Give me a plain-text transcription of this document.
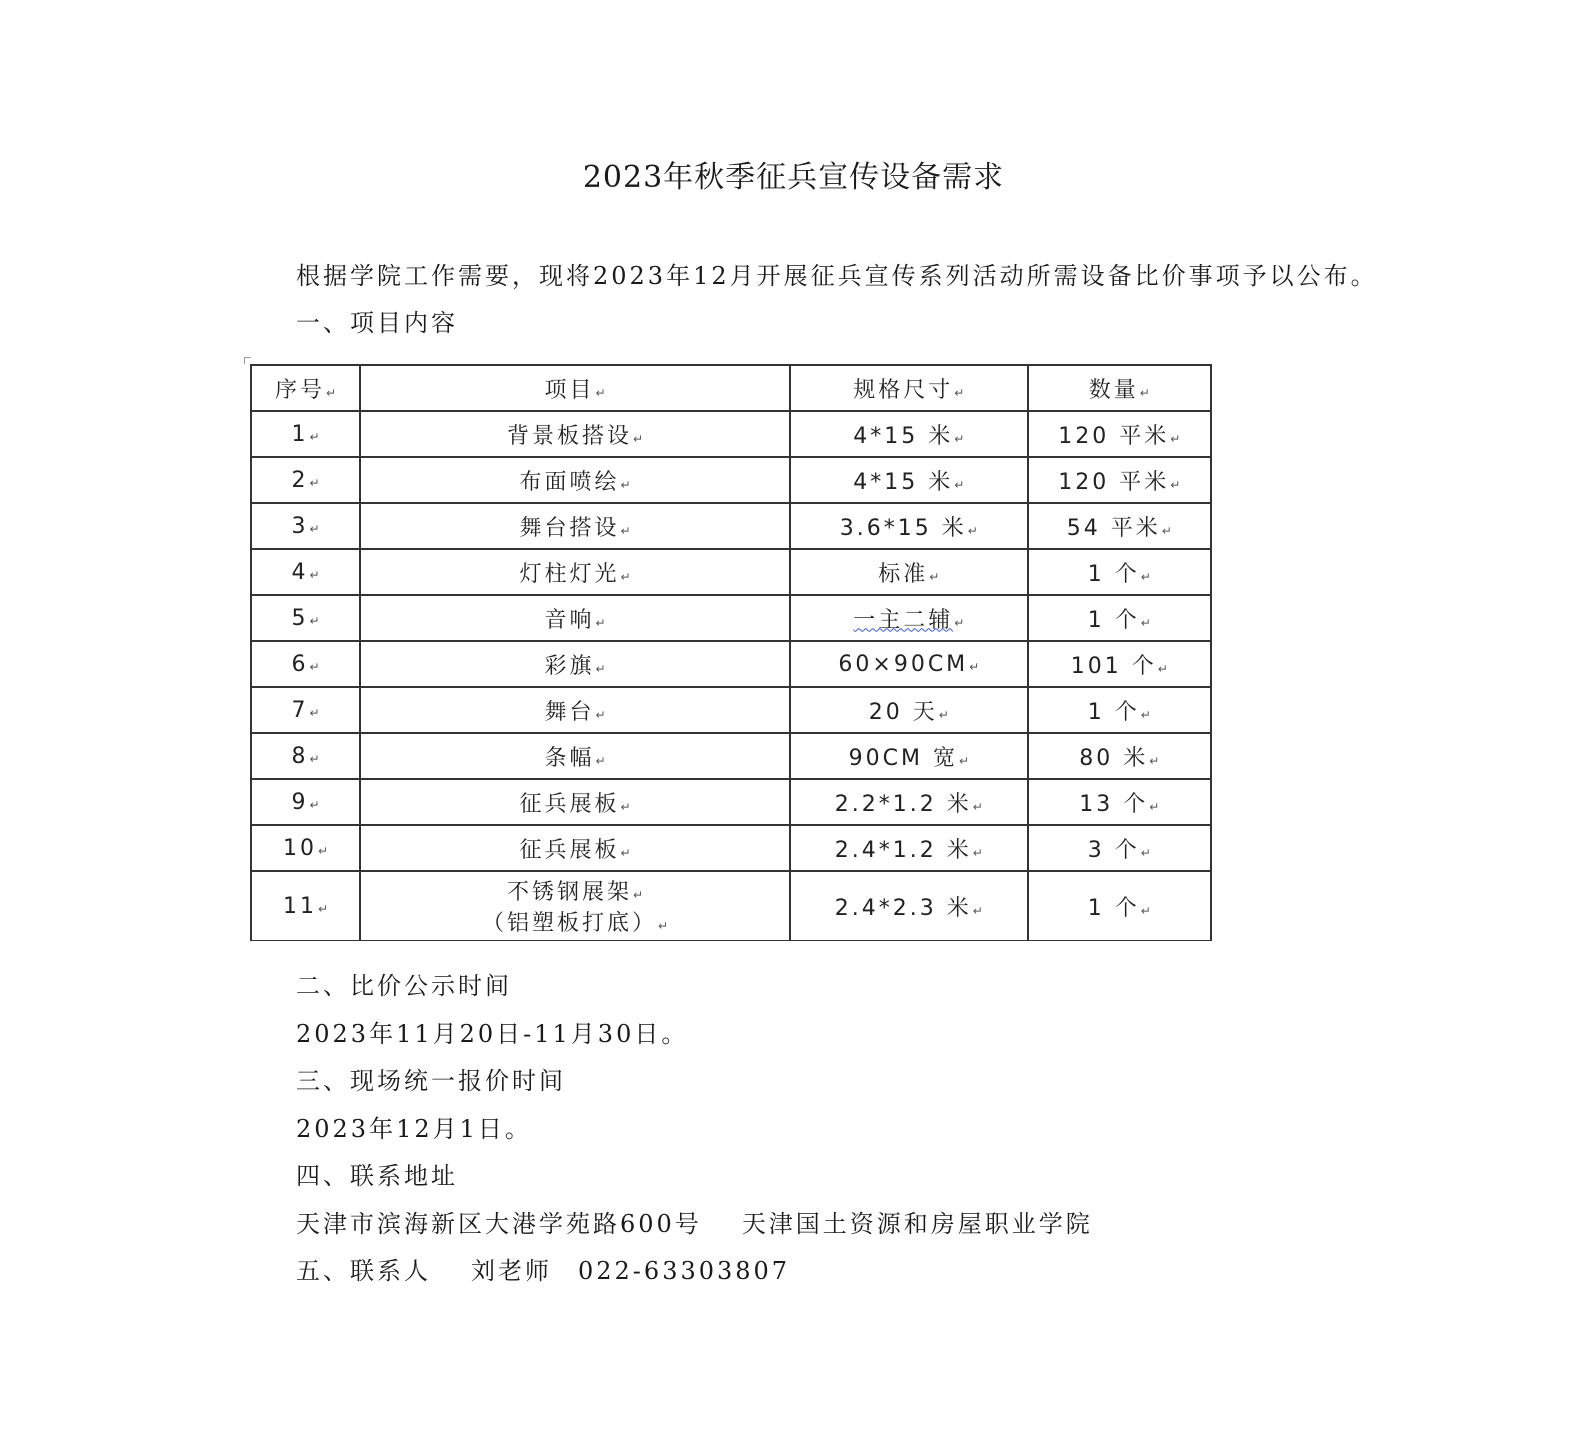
2023年秋季征兵宣传设备需求

根据学院工作需要，现将2023年12月开展征兵宣传系列活动所需设备比价事项予以公布。

一、项目内容

序号↵	项目↵	规格尺寸↵	数量↵
1↵	背景板搭设↵	4*15 米↵	120 平米↵
2↵	布面喷绘↵	4*15 米↵	120 平米↵
3↵	舞台搭设↵	3.6*15 米↵	54 平米↵
4↵	灯柱灯光↵	标准↵	1 个↵
5↵	音响↵	一主二辅↵	1 个↵
6↵	彩旗↵	60×90CM↵	101 个↵
7↵	舞台↵	20 天↵	1 个↵
8↵	条幅↵	90CM 宽↵	80 米↵
9↵	征兵展板↵	2.2*1.2 米↵	13 个↵
10↵	征兵展板↵	2.4*1.2 米↵	3 个↵
11↵	不锈钢展架↵
（铝塑板打底）↵	2.4*2.3 米↵	1 个↵

二、比价公示时间

2023年11月20日-11月30日。

三、现场统一报价时间

2023年12月1日。

四、联系地址

天津市滨海新区大港学苑路600号 天津国土资源和房屋职业学院

五、联系人 刘老师 022-63303807
